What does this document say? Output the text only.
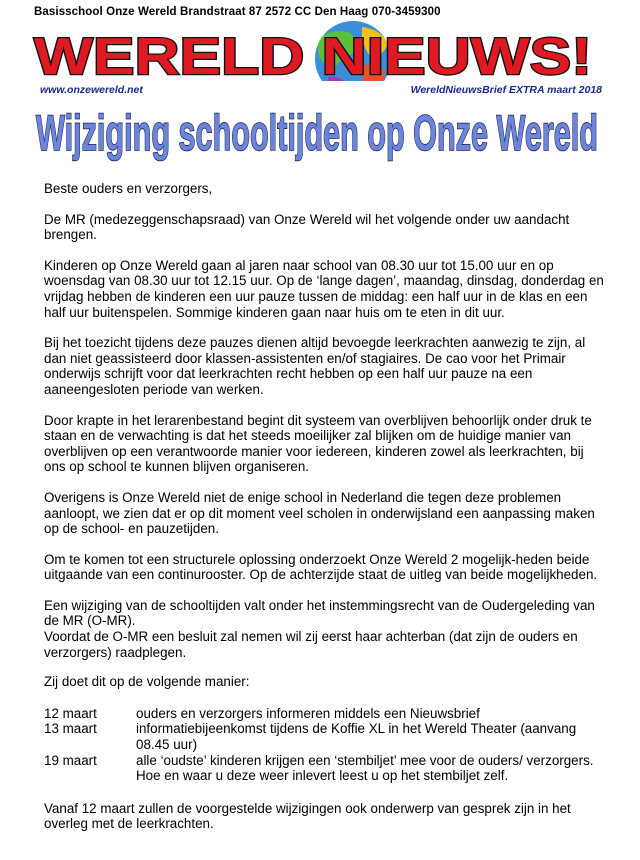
Basisschool Onze Wereld Brandstraat 87 2572 CC Den Haag 070-3459300
WERELD NIEUWS!
www.onzewereld.net	WereldNieuwsBrief EXTRA maart 2018
Wijziging schooltijden op Onze Wereld

Beste ouders en verzorgers,

De MR (medezeggenschapsraad) van Onze Wereld wil het volgende onder uw aandacht brengen.

Kinderen op Onze Wereld gaan al jaren naar school van 08.30 uur tot 15.00 uur en op woensdag van 08.30 uur tot 12.15 uur. Op de ‘lange dagen’, maandag, dinsdag, donderdag en vrijdag hebben de kinderen een uur pauze tussen de middag: een half uur in de klas en een half uur buitenspelen. Sommige kinderen gaan naar huis om te eten in dit uur.

Bij het toezicht tijdens deze pauzes dienen altijd bevoegde leerkrachten aanwezig te zijn, al dan niet geassisteerd door klassen-assistenten en/of stagiaires. De cao voor het Primair onderwijs schrijft voor dat leerkrachten recht hebben op een half uur pauze na een aaneengesloten periode van werken.

Door krapte in het lerarenbestand begint dit systeem van overblijven behoorlijk onder druk te staan en de verwachting is dat het steeds moeilijker zal blijken om de huidige manier van overblijven op een verantwoorde manier voor iedereen, kinderen zowel als leerkrachten, bij ons op school te kunnen blijven organiseren.

Overigens is Onze Wereld niet de enige school in Nederland die tegen deze problemen aanloopt, we zien dat er op dit moment veel scholen in onderwijsland een aanpassing maken op de school- en pauzetijden.

Om te komen tot een structurele oplossing onderzoekt Onze Wereld 2 mogelijk-heden beide uitgaande van een continurooster. Op de achterzijde staat de uitleg van beide mogelijkheden.

Een wijziging van de schooltijden valt onder het instemmingsrecht van de Oudergeleding van de MR (O-MR).
Voordat de O-MR een besluit zal nemen wil zij eerst haar achterban (dat zijn de ouders en verzorgers) raadplegen.

Zij doet dit op de volgende manier:

12 maart	ouders en verzorgers informeren middels een Nieuwsbrief
13 maart	informatiebijeenkomst tijdens de Koffie XL in het Wereld Theater (aanvang 08.45 uur)
19 maart	alle ‘oudste’ kinderen krijgen een ‘stembiljet’ mee voor de ouders/ verzorgers. Hoe en waar u deze weer inlevert leest u op het stembiljet zelf.

Vanaf 12 maart zullen de voorgestelde wijzigingen ook onderwerp van gesprek zijn in het overleg met de leerkrachten.
